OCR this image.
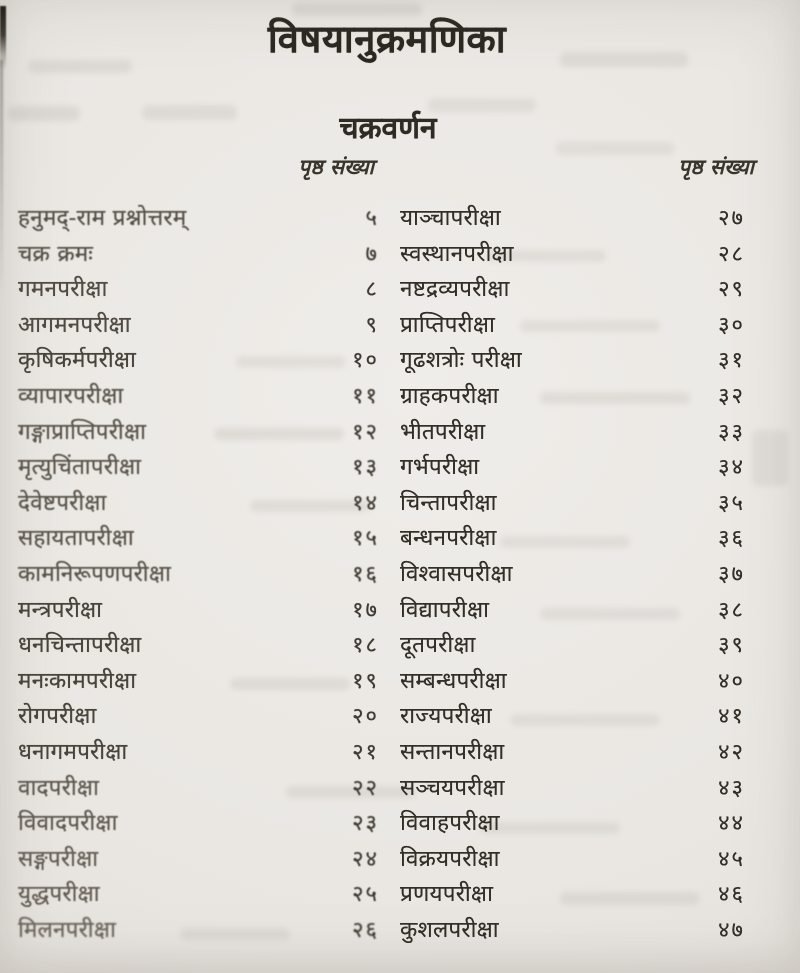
विषयानुक्रमणिका
चक्रवर्णन
पृष्ठ संख्या	पृष्ठ संख्या
हनुमद्-राम प्रश्नोत्तरम्	५
चक्र क्रमः	७
गमनपरीक्षा	८
आगमनपरीक्षा	९
कृषिकर्मपरीक्षा	१०
व्यापारपरीक्षा	११
गङ्गाप्राप्तिपरीक्षा	१२
मृत्युचिंतापरीक्षा	१३
देवेष्टपरीक्षा	१४
सहायतापरीक्षा	१५
कामनिरूपणपरीक्षा	१६
मन्त्रपरीक्षा	१७
धनचिन्तापरीक्षा	१८
मनःकामपरीक्षा	१९
रोगपरीक्षा	२०
धनागमपरीक्षा	२१
वादपरीक्षा	२२
विवादपरीक्षा	२३
सङ्गपरीक्षा	२४
युद्धपरीक्षा	२५
मिलनपरीक्षा	२६
याञ्चापरीक्षा	२७
स्वस्थानपरीक्षा	२८
नष्टद्रव्यपरीक्षा	२९
प्राप्तिपरीक्षा	३०
गूढशत्रोः परीक्षा	३१
ग्राहकपरीक्षा	३२
भीतपरीक्षा	३३
गर्भपरीक्षा	३४
चिन्तापरीक्षा	३५
बन्धनपरीक्षा	३६
विश्वासपरीक्षा	३७
विद्यापरीक्षा	३८
दूतपरीक्षा	३९
सम्बन्धपरीक्षा	४०
राज्यपरीक्षा	४१
सन्तानपरीक्षा	४२
सञ्चयपरीक्षा	४३
विवाहपरीक्षा	४४
विक्रयपरीक्षा	४५
प्रणयपरीक्षा	४६
कुशलपरीक्षा	४७
